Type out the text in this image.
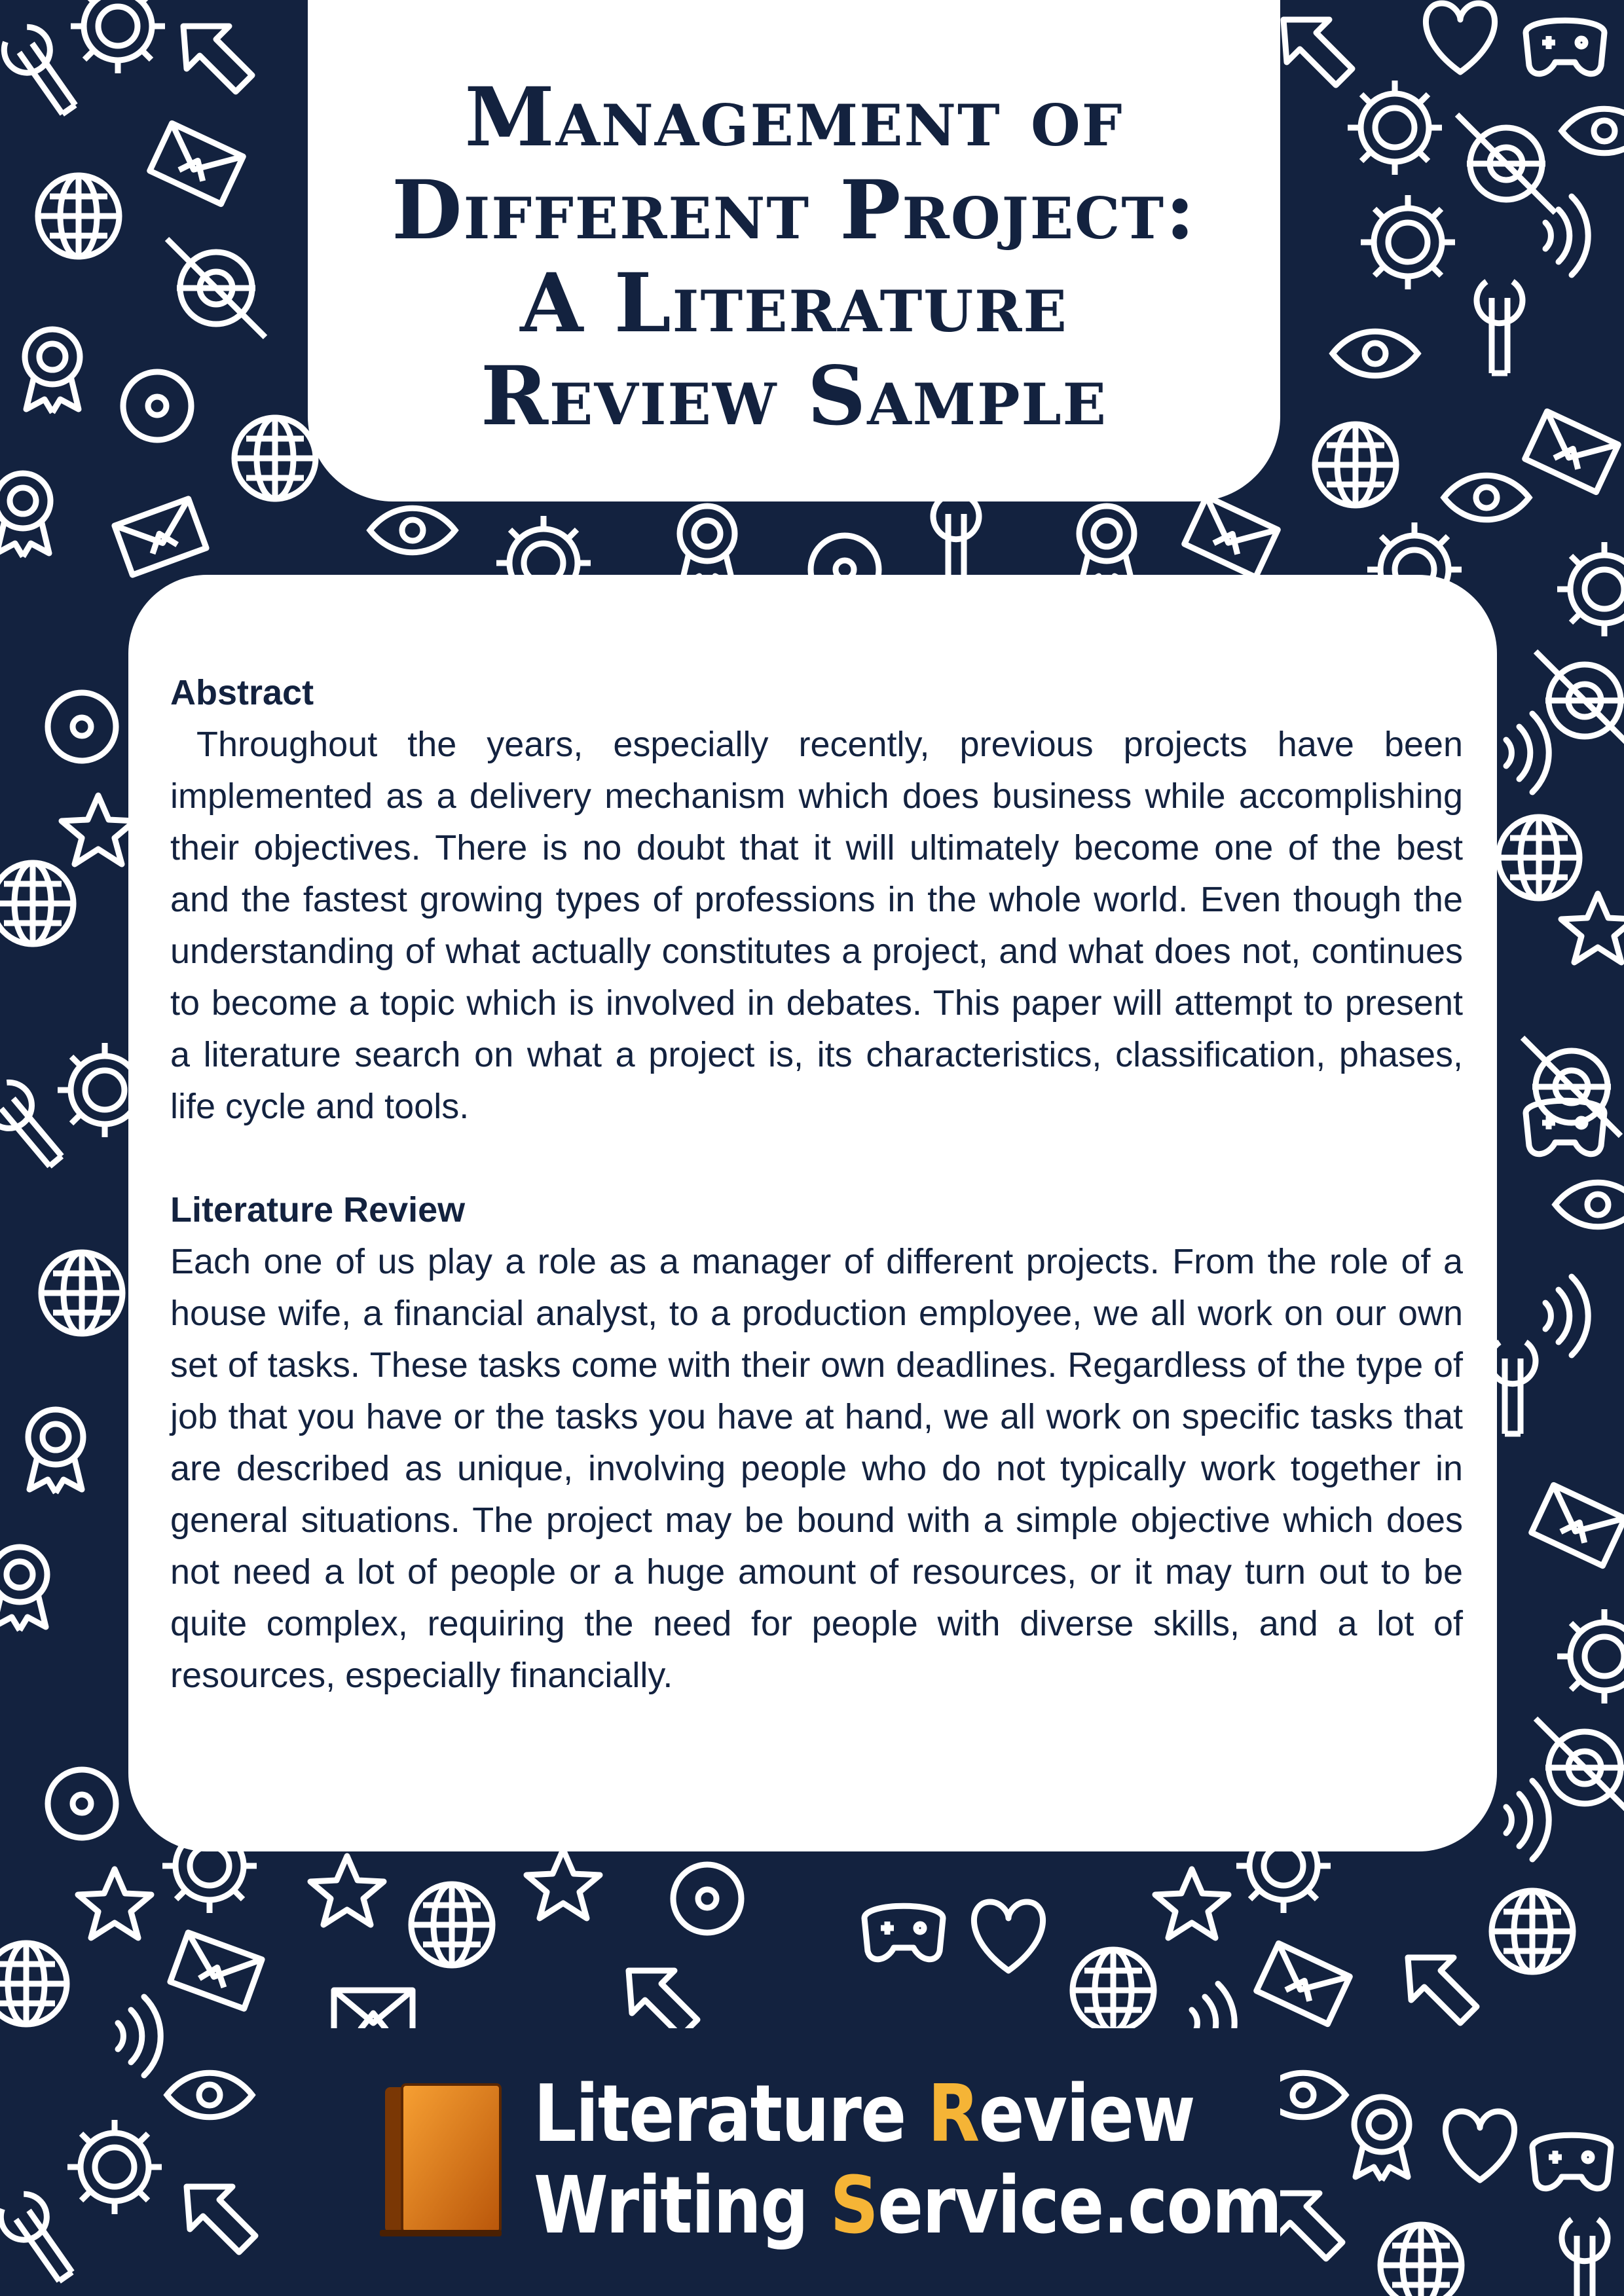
Management of
Different Project:
A Literature
Review Sample
Abstract

Throughout the years, especially recently, previous projects have been implemented as a delivery mechanism which does business while accomplishing their objectives. There is no doubt that it will ultimately become one of the best and the fastest growing types of professions in the whole world. Even though the understanding of what actually constitutes a project, and what does not, continues to become a topic which is involved in debates. This paper will attempt to present a literature search on what a project is, its characteristics, classification, phases, life cycle and tools.

Literature Review

Each one of us play a role as a manager of different projects. From the role of a house wife, a financial analyst, to a production employee, we all work on our own set of tasks. These tasks come with their own deadlines. Regardless of the type of job that you have or the tasks you have at hand, we all work on specific tasks that are described as unique, involving people who do not typically work together in general situations. The project may be bound with a simple objective which does not need a lot of people or a huge amount of resources, or it may turn out to be quite complex, requiring the need for people with diverse skills, and a lot of resources, especially financially.

Literature Review
Writing Service.com
